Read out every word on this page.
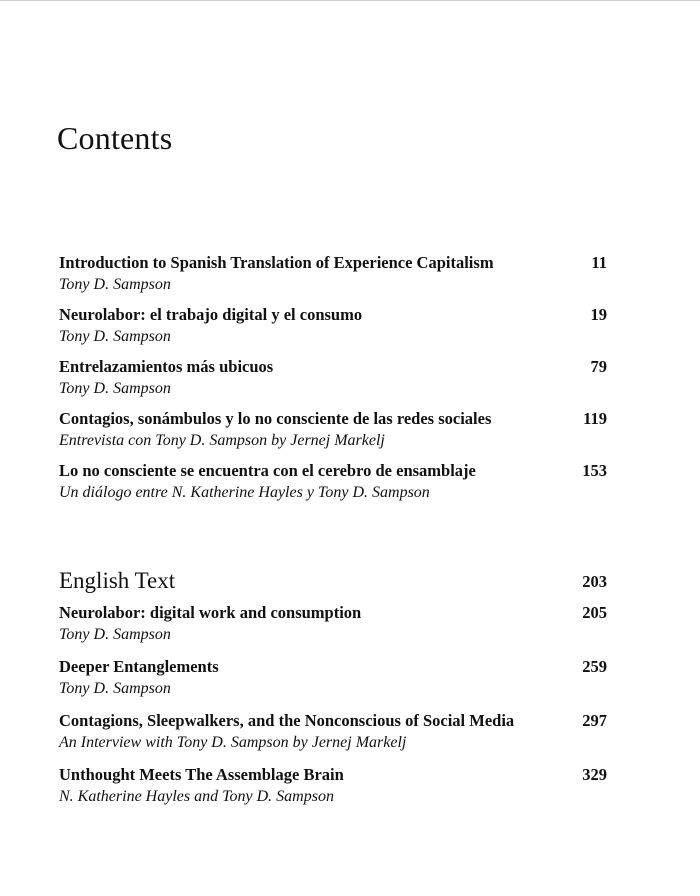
Contents
Introduction to Spanish Translation of Experience Capitalism
Tony D. Sampson
11
Neurolabor: el trabajo digital y el consumo
Tony D. Sampson
19
Entrelazamientos más ubicuos
Tony D. Sampson
79
Contagios, sonámbulos y lo no consciente de las redes sociales
Entrevista con Tony D. Sampson by Jernej Markelj
119
Lo no consciente se encuentra con el cerebro de ensamblaje
Un diálogo entre N. Katherine Hayles y Tony D. Sampson
153
English Text	203
Neurolabor: digital work and consumption
Tony D. Sampson
205
Deeper Entanglements
Tony D. Sampson
259
Contagions, Sleepwalkers, and the Nonconscious of Social Media
An Interview with Tony D. Sampson by Jernej Markelj
297
Unthought Meets The Assemblage Brain
N. Katherine Hayles and Tony D. Sampson
329
